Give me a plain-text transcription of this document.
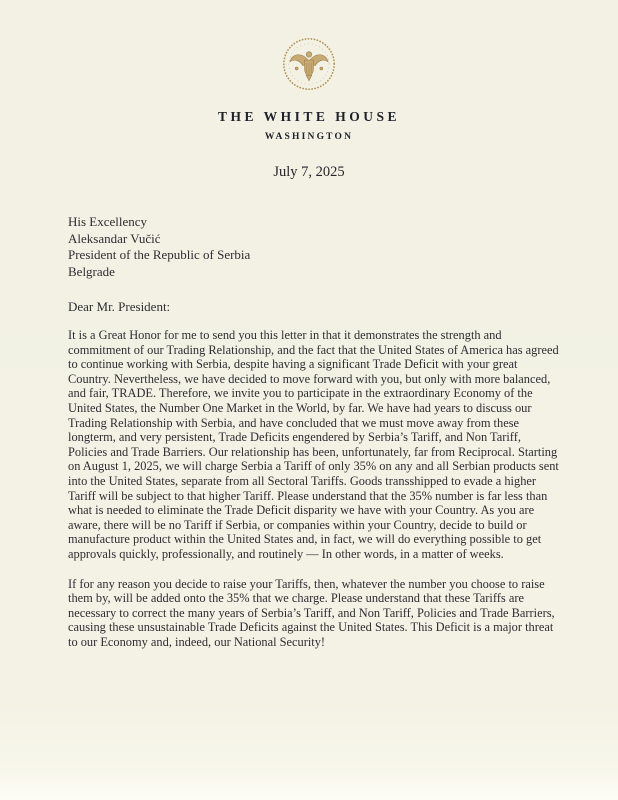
THE WHITE HOUSE
WASHINGTON
July 7, 2025
His Excellency
Aleksandar Vučić
President of the Republic of Serbia
Belgrade
Dear Mr. President:

It is a Great Honor for me to send you this letter in that it demonstrates the strength and commitment of our Trading Relationship, and the fact that the United States of America has agreed to continue working with Serbia, despite having a significant Trade Deficit with your great Country. Nevertheless, we have decided to move forward with you, but only with more balanced, and fair, TRADE. Therefore, we invite you to participate in the extraordinary Economy of the United States, the Number One Market in the World, by far. We have had years to discuss our Trading Relationship with Serbia, and have concluded that we must move away from these longterm, and very persistent, Trade Deficits engendered by Serbia’s Tariff, and Non Tariff, Policies and Trade Barriers. Our relationship has been, unfortunately, far from Reciprocal. Starting on August 1, 2025, we will charge Serbia a Tariff of only 35% on any and all Serbian products sent into the United States, separate from all Sectoral Tariffs. Goods transshipped to evade a higher Tariff will be subject to that higher Tariff. Please understand that the 35% number is far less than what is needed to eliminate the Trade Deficit disparity we have with your Country. As you are aware, there will be no Tariff if Serbia, or companies within your Country, decide to build or manufacture product within the United States and, in fact, we will do everything possible to get approvals quickly, professionally, and routinely — In other words, in a matter of weeks.

If for any reason you decide to raise your Tariffs, then, whatever the number you choose to raise them by, will be added onto the 35% that we charge. Please understand that these Tariffs are necessary to correct the many years of Serbia’s Tariff, and Non Tariff, Policies and Trade Barriers, causing these unsustainable Trade Deficits against the United States. This Deficit is a major threat to our Economy and, indeed, our National Security!
